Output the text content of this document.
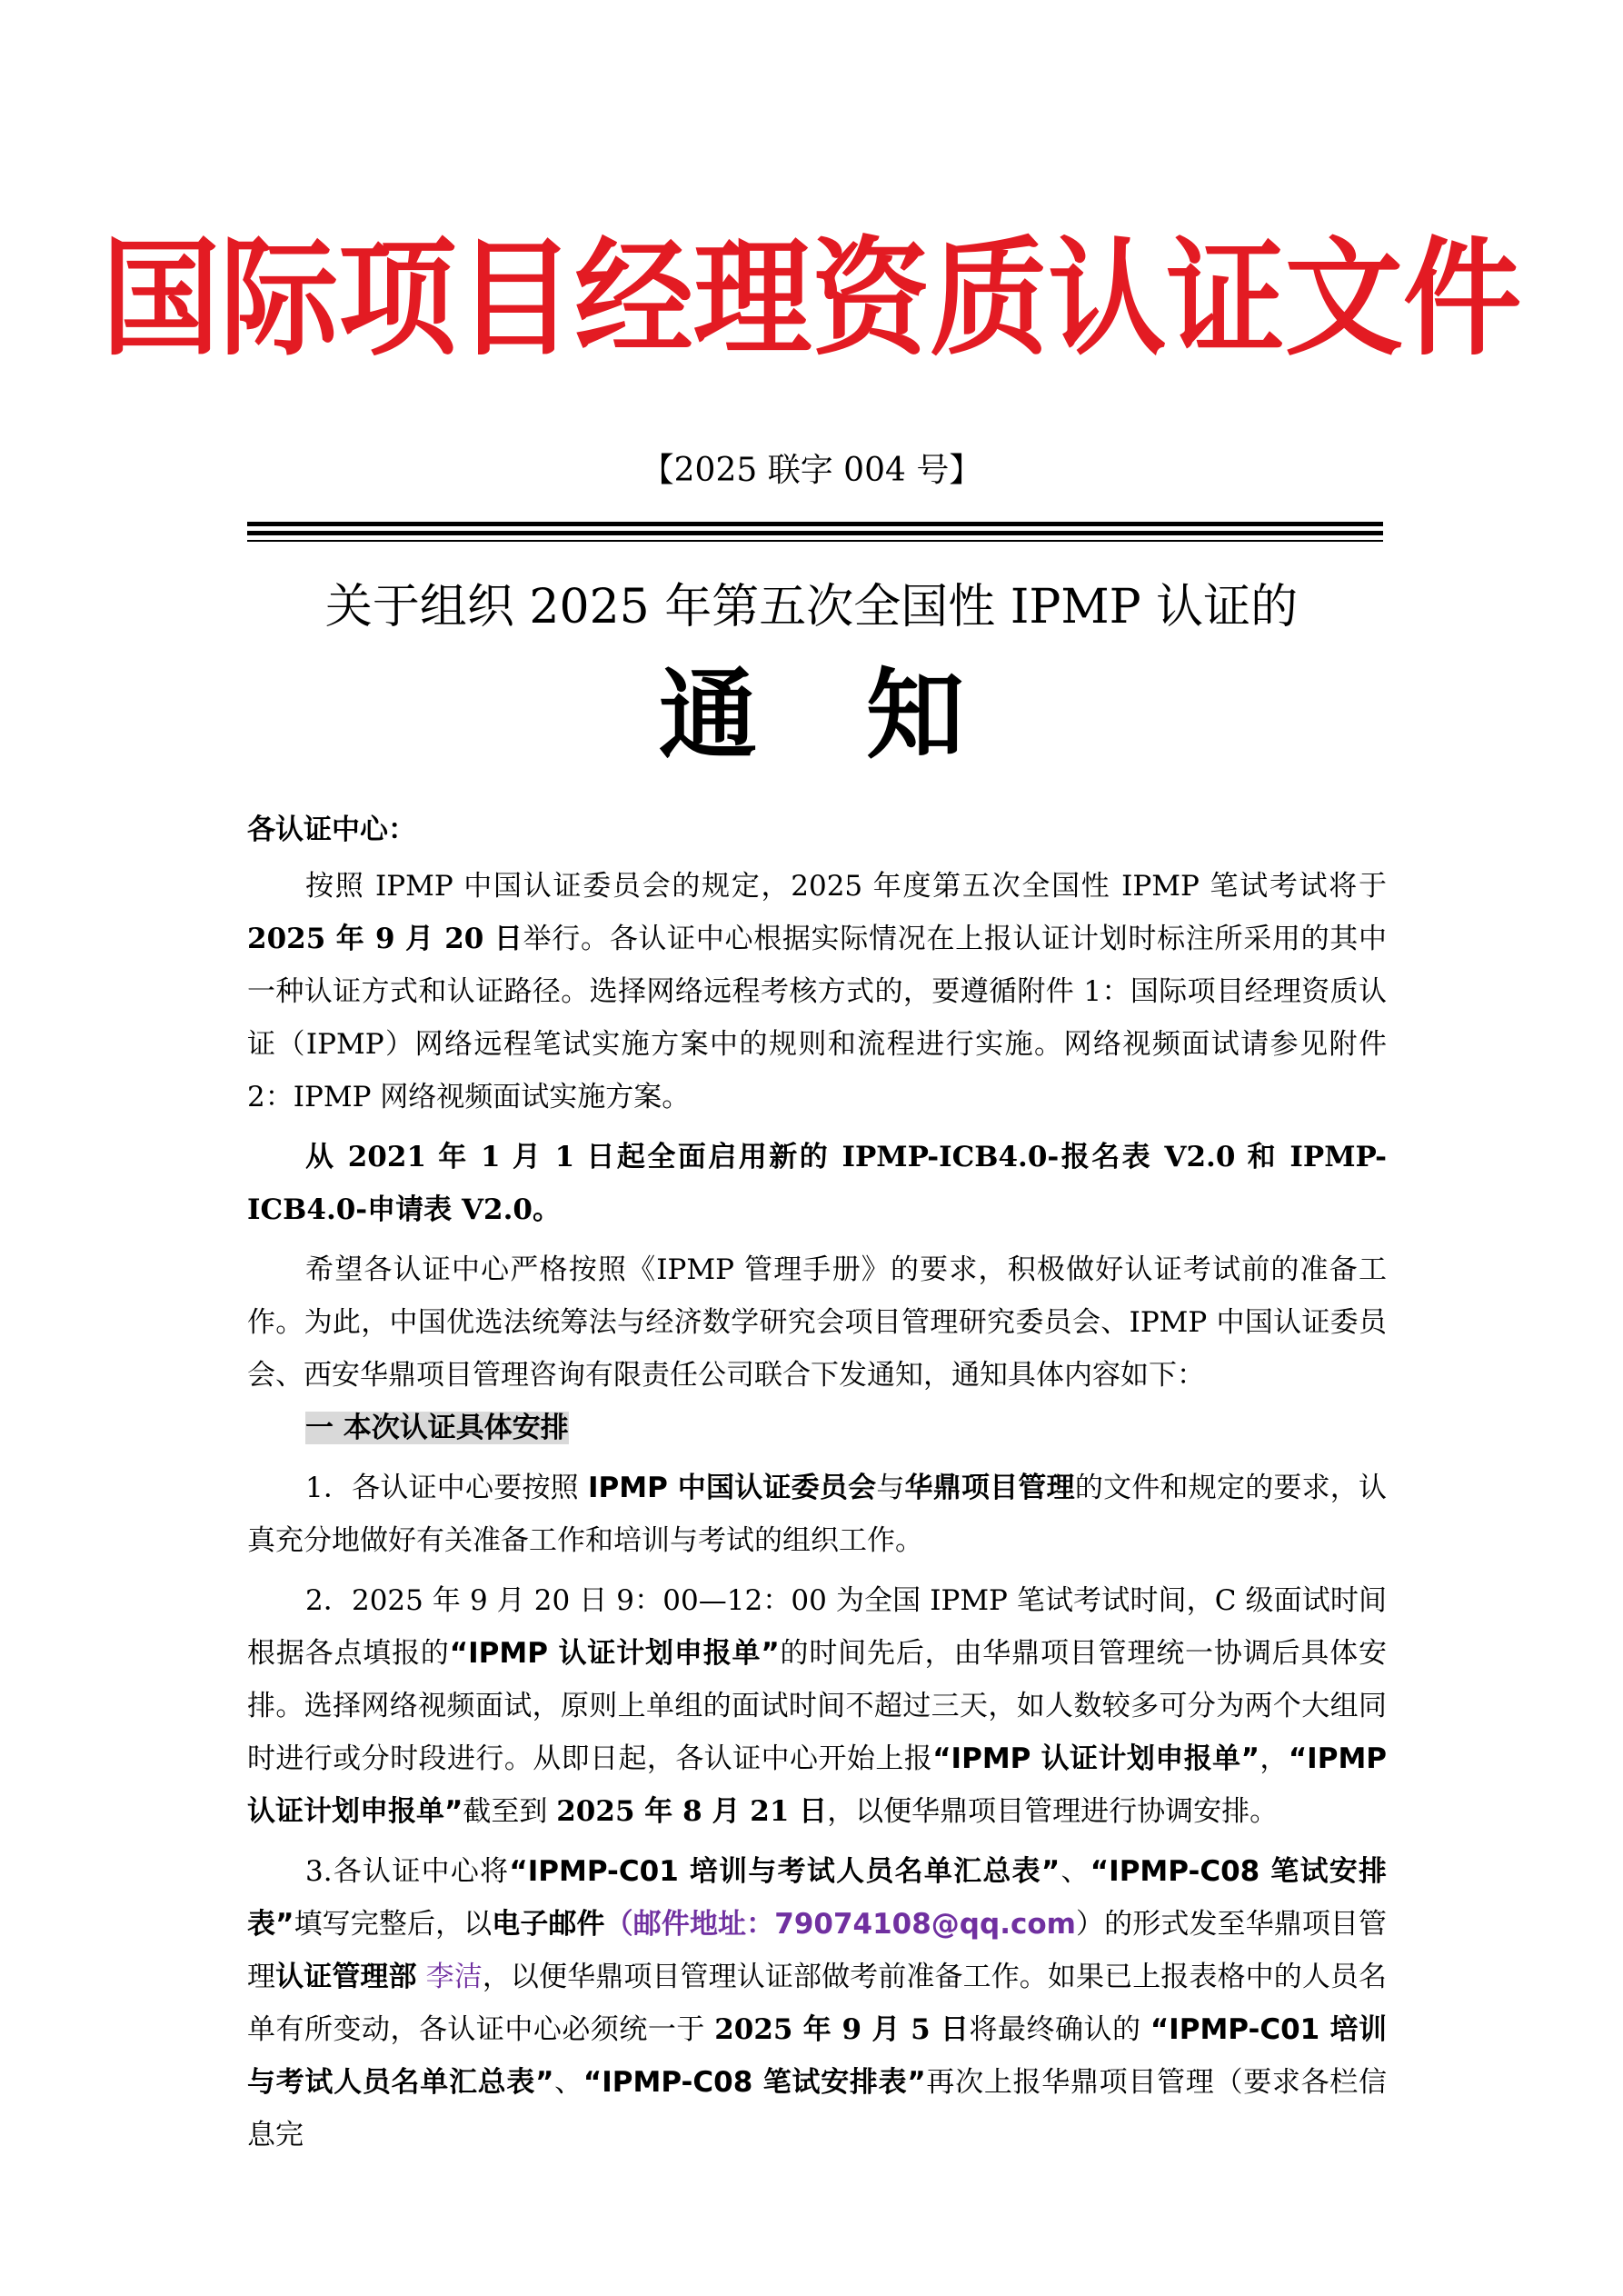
国际项目经理资质认证文件
【2025 联字 004 号】
关于组织 2025 年第五次全国性 IPMP 认证的
通 知

各认证中心：

按照 IPMP 中国认证委员会的规定，2025 年度第五次全国性 IPMP 笔试考试将于 2025 年 9 月 20 日举行。各认证中心根据实际情况在上报认证计划时标注所采用的其中一种认证方式和认证路径。选择网络远程考核方式的，要遵循附件 1：国际项目经理资质认证（IPMP）网络远程笔试实施方案中的规则和流程进行实施。网络视频面试请参见附件 2：IPMP 网络视频面试实施方案。

从 2021 年 1 月 1 日起全面启用新的 IPMP-ICB4.0-报名表 V2.0 和 IPMP-ICB4.0-申请表 V2.0。

希望各认证中心严格按照《IPMP 管理手册》的要求，积极做好认证考试前的准备工作。为此，中国优选法统筹法与经济数学研究会项目管理研究委员会、IPMP 中国认证委员会、西安华鼎项目管理咨询有限责任公司联合下发通知，通知具体内容如下：

一 本次认证具体安排

1．各认证中心要按照 IPMP 中国认证委员会与华鼎项目管理的文件和规定的要求，认真充分地做好有关准备工作和培训与考试的组织工作。

2．2025 年 9 月 20 日 9：00—12：00 为全国 IPMP 笔试考试时间，C 级面试时间根据各点填报的“IPMP 认证计划申报单”的时间先后，由华鼎项目管理统一协调后具体安排。选择网络视频面试，原则上单组的面试时间不超过三天，如人数较多可分为两个大组同时进行或分时段进行。从即日起，各认证中心开始上报“IPMP 认证计划申报单”，“IPMP 认证计划申报单”截至到 2025 年 8 月 21 日，以便华鼎项目管理进行协调安排。

3.各认证中心将“IPMP-C01 培训与考试人员名单汇总表”、“IPMP-C08 笔试安排表”填写完整后，以电子邮件（邮件地址：79074108@qq.com）的形式发至华鼎项目管理认证管理部 李洁，以便华鼎项目管理认证部做考前准备工作。如果已上报表格中的人员名单有所变动，各认证中心必须统一于 2025 年 9 月 5 日将最终确认的 “IPMP-C01 培训与考试人员名单汇总表”、“IPMP-C08 笔试安排表”再次上报华鼎项目管理（要求各栏信息完
